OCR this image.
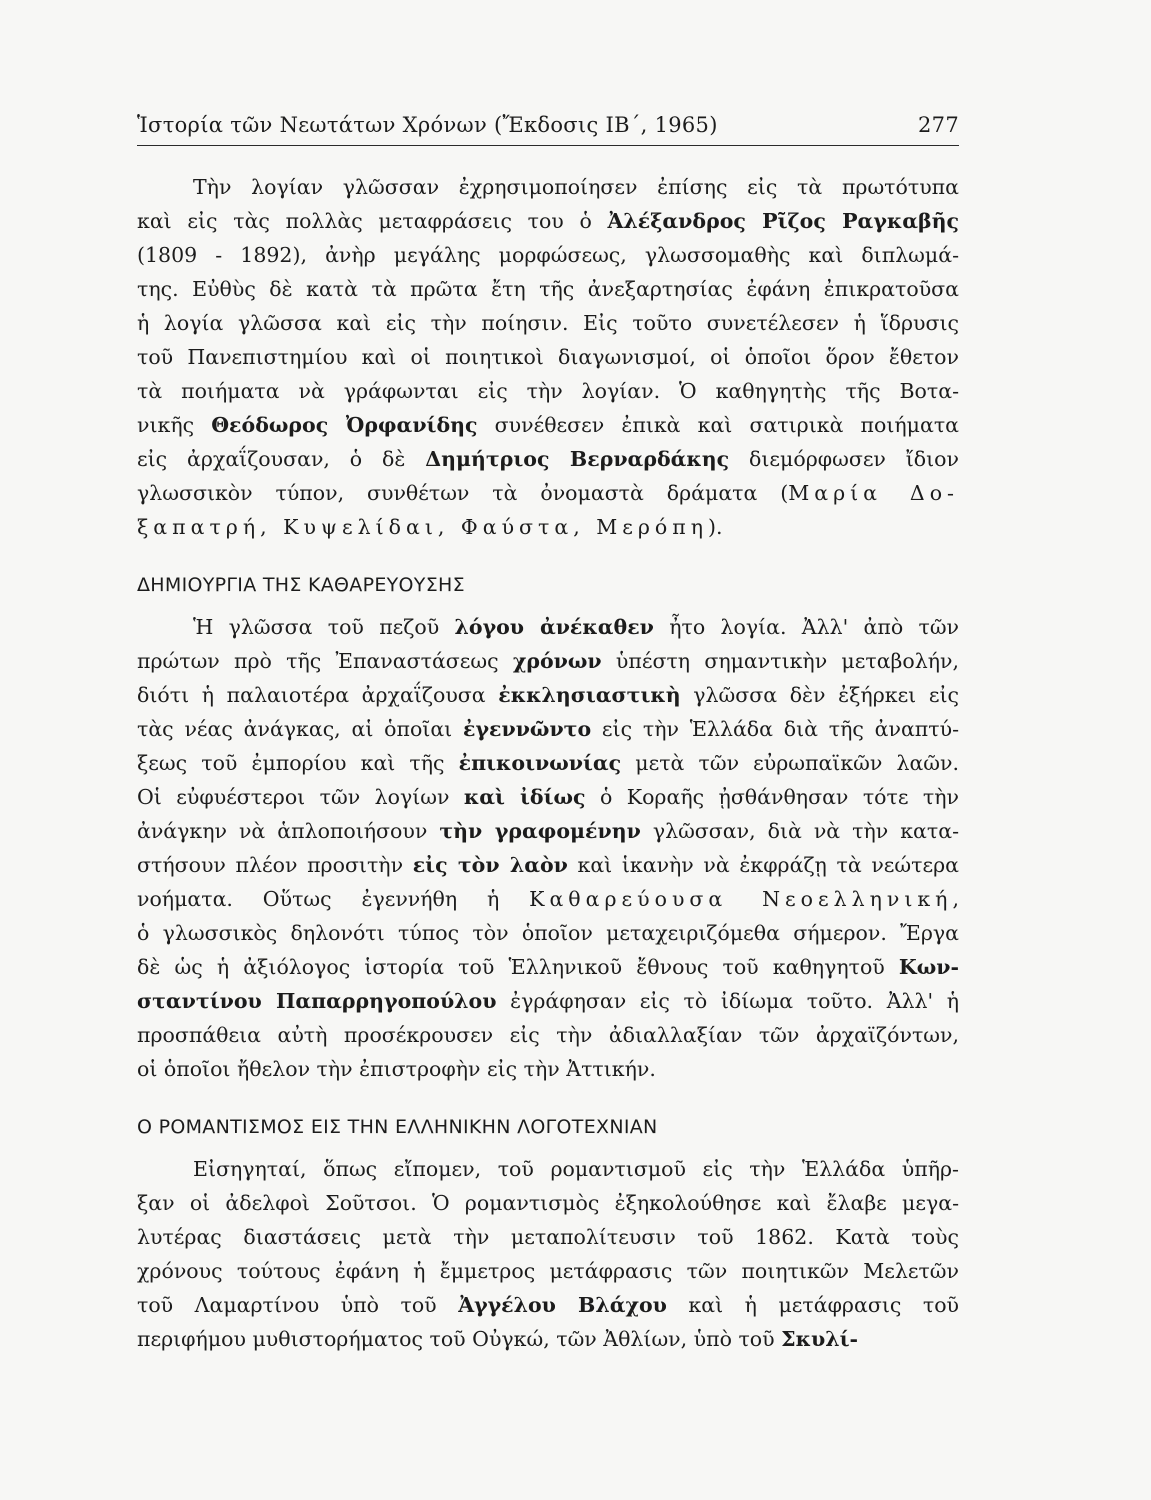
Ἱστορία τῶν Νεωτάτων Χρόνων (Ἔκδοσις ΙΒ΄, 1965)	277
Τὴν λογίαν γλῶσσαν ἐχρησιμοποίησεν ἐπίσης εἰς τὰ πρωτότυπα
καὶ εἰς τὰς πολλὰς μεταφράσεις του ὁ Ἀλέξανδρος Ρῖζος Ραγκαβῆς
(1809 - 1892), ἀνὴρ μεγάλης μορφώσεως, γλωσσομαθὴς καὶ διπλωμά-
της. Εὐθὺς δὲ κατὰ τὰ πρῶτα ἔτη τῆς ἀνεξαρτησίας ἐφάνη ἐπικρατοῦσα
ἡ λογία γλῶσσα καὶ εἰς τὴν ποίησιν. Εἰς τοῦτο συνετέλεσεν ἡ ἵδρυσις
τοῦ Πανεπιστημίου καὶ οἱ ποιητικοὶ διαγωνισμοί, οἱ ὁποῖοι ὅρον ἔθετον
τὰ ποιήματα νὰ γράφωνται εἰς τὴν λογίαν. Ὁ καθηγητὴς τῆς Βοτα-
νικῆς Θεόδωρος Ὀρφανίδης συνέθεσεν ἐπικὰ καὶ σατιρικὰ ποιήματα
εἰς ἀρχαΐζουσαν, ὁ δὲ Δημήτριος Βερναρδάκης διεμόρφωσεν ἴδιον
γλωσσικὸν τύπον, συνθέτων τὰ ὀνομαστὰ δράματα (Μαρία Δο-
ξαπατρή, Κυψελίδαι, Φαύστα, Μερόπη).
ΔΗΜΙΟΥΡΓΙΑ ΤΗΣ ΚΑΘΑΡΕΥΟΥΣΗΣ
Ἡ γλῶσσα τοῦ πεζοῦ λόγου ἀνέκαθεν ἦτο λογία. Ἀλλ' ἀπὸ τῶν
πρώτων πρὸ τῆς Ἐπαναστάσεως χρόνων ὑπέστη σημαντικὴν μεταβολήν,
διότι ἡ παλαιοτέρα ἀρχαΐζουσα ἐκκλησιαστικὴ γλῶσσα δὲν ἐξήρκει εἰς
τὰς νέας ἀνάγκας, αἱ ὁποῖαι ἐγεννῶντο εἰς τὴν Ἑλλάδα διὰ τῆς ἀναπτύ-
ξεως τοῦ ἐμπορίου καὶ τῆς ἐπικοινωνίας μετὰ τῶν εὐρωπαϊκῶν λαῶν.
Οἱ εὐφυέστεροι τῶν λογίων καὶ ἰδίως ὁ Κοραῆς ᾐσθάνθησαν τότε τὴν
ἀνάγκην νὰ ἁπλοποιήσουν τὴν γραφομένην γλῶσσαν, διὰ νὰ τὴν κατα-
στήσουν πλέον προσιτὴν εἰς τὸν λαὸν καὶ ἱκανὴν νὰ ἐκφράζῃ τὰ νεώτερα
νοήματα. Οὕτως ἐγεννήθη ἡ Καθαρεύουσα Νεοελληνική,
ὁ γλωσσικὸς δηλονότι τύπος τὸν ὁποῖον μεταχειριζόμεθα σήμερον. Ἔργα
δὲ ὡς ἡ ἀξιόλογος ἱστορία τοῦ Ἑλληνικοῦ ἔθνους τοῦ καθηγητοῦ Κων-
σταντίνου Παπαρρηγοπούλου ἐγράφησαν εἰς τὸ ἰδίωμα τοῦτο. Ἀλλ' ἡ
προσπάθεια αὐτὴ προσέκρουσεν εἰς τὴν ἀδιαλλαξίαν τῶν ἀρχαϊζόντων,
οἱ ὁποῖοι ἤθελον τὴν ἐπιστροφὴν εἰς τὴν Ἀττικήν.
Ο ΡΟΜΑΝΤΙΣΜΟΣ ΕΙΣ ΤΗΝ ΕΛΛΗΝΙΚΗΝ ΛΟΓΟΤΕΧΝΙΑΝ
Εἰσηγηταί, ὅπως εἴπομεν, τοῦ ρομαντισμοῦ εἰς τὴν Ἑλλάδα ὑπῆρ-
ξαν οἱ ἀδελφοὶ Σοῦτσοι. Ὁ ρομαντισμὸς ἐξηκολούθησε καὶ ἔλαβε μεγα-
λυτέρας διαστάσεις μετὰ τὴν μεταπολίτευσιν τοῦ 1862. Κατὰ τοὺς
χρόνους τούτους ἐφάνη ἡ ἔμμετρος μετάφρασις τῶν ποιητικῶν Μελετῶν
τοῦ Λαμαρτίνου ὑπὸ τοῦ Ἀγγέλου Βλάχου καὶ ἡ μετάφρασις τοῦ
περιφήμου μυθιστορήματος τοῦ Οὐγκώ, τῶν Ἀθλίων, ὑπὸ τοῦ Σκυλί-
